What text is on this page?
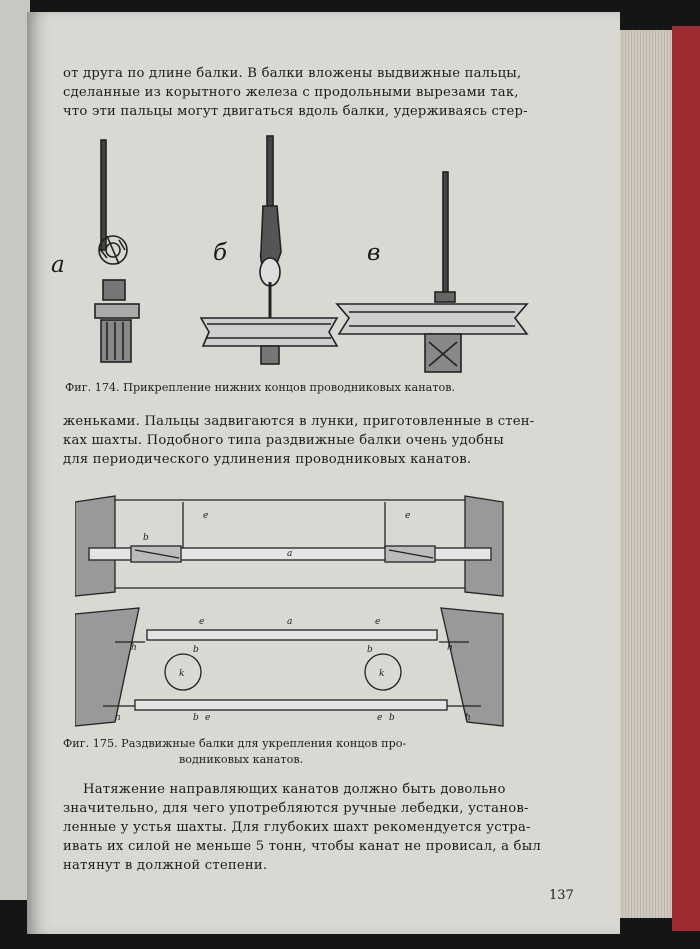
от друга по длине балки. В балки вложены выдвижные пальцы,
сделанные из корытного железа с продольными вырезами так,
что эти пальцы могут двигаться вдоль балки, удерживаясь стер-
а	б	в
Фиг. 174. Прикрепление нижних концов проводниковых канатов.
женьками. Пальцы задвигаются в лунки, приготовленные в стен-
ках шахты. Подобного типа раздвижные балки очень удобны
для периодического удлинения проводниковых канатов.
e	e
b
a
a
e	e
h	b	b	h
k	k
h	b e	e b	h
Фиг. 175. Раздвижные балки для укрепления концов про-
водниковых канатов.
Натяжение направляющих канатов должно быть довольно
значительно, для чего употребляются ручные лебедки, установ-
ленные у устья шахты. Для глубоких шахт рекомендуется устра-
ивать их силой не меньше 5 тонн, чтобы канат не провисал, а был
натянут в должной степени.
137
